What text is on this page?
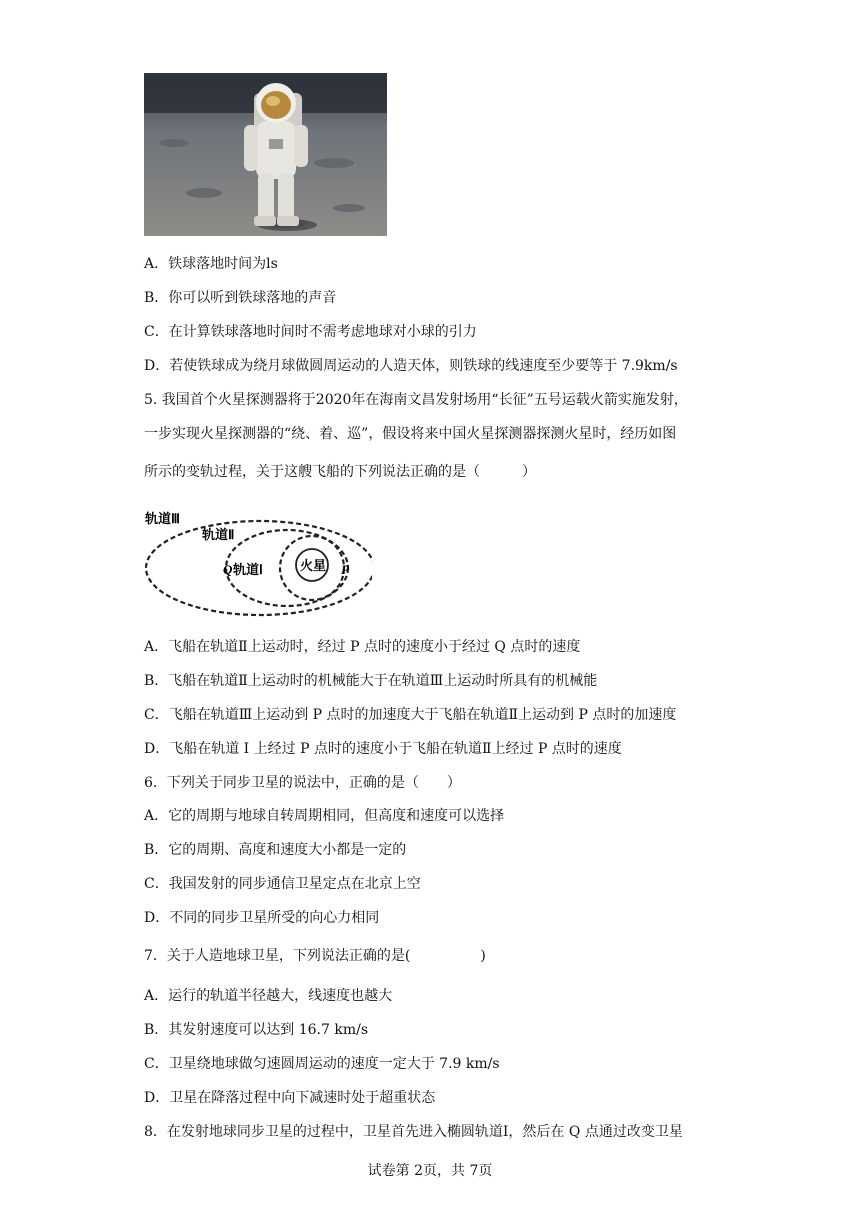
A．铁球落地时间为ls
B．你可以听到铁球落地的声音
C．在计算铁球落地时间时不需考虑地球对小球的引力
D．若使铁球成为绕月球做圆周运动的人造天体，则铁球的线速度至少要等于 7.9km/s
5. 我国首个火星探测器将于2020年在海南文昌发射场用“长征”五号运载火箭实施发射，
一步实现火星探测器的“绕、着、巡”，假设将来中国火星探测器探测火星时，经历如图
所示的变轨过程，关于这艘飞船的下列说法正确的是（　　　）
轨道Ⅲ
轨道Ⅱ
轨道Ⅰ	火星
Q	P
A．飞船在轨道Ⅱ上运动时，经过 P 点时的速度小于经过 Q 点时的速度
B．飞船在轨道Ⅱ上运动时的机械能大于在轨道Ⅲ上运动时所具有的机械能
C．飞船在轨道Ⅲ上运动到 P 点时的加速度大于飞船在轨道Ⅱ上运动到 P 点时的加速度
D．飞船在轨道 I 上经过 P 点时的速度小于飞船在轨道Ⅱ上经过 P 点时的速度
6．下列关于同步卫星的说法中，正确的是（　　）
A．它的周期与地球自转周期相同，但高度和速度可以选择
B．它的周期、高度和速度大小都是一定的
C．我国发射的同步通信卫星定点在北京上空
D．不同的同步卫星所受的向心力相同
7．关于人造地球卫星，下列说法正确的是(　　　　　)
A．运行的轨道半径越大，线速度也越大
B．其发射速度可以达到 16.7 km/s
C．卫星绕地球做匀速圆周运动的速度一定大于 7.9 km/s
D．卫星在降落过程中向下减速时处于超重状态
8．在发射地球同步卫星的过程中，卫星首先进入椭圆轨道Ⅰ，然后在 Q 点通过改变卫星
试卷第 2页，共 7页
